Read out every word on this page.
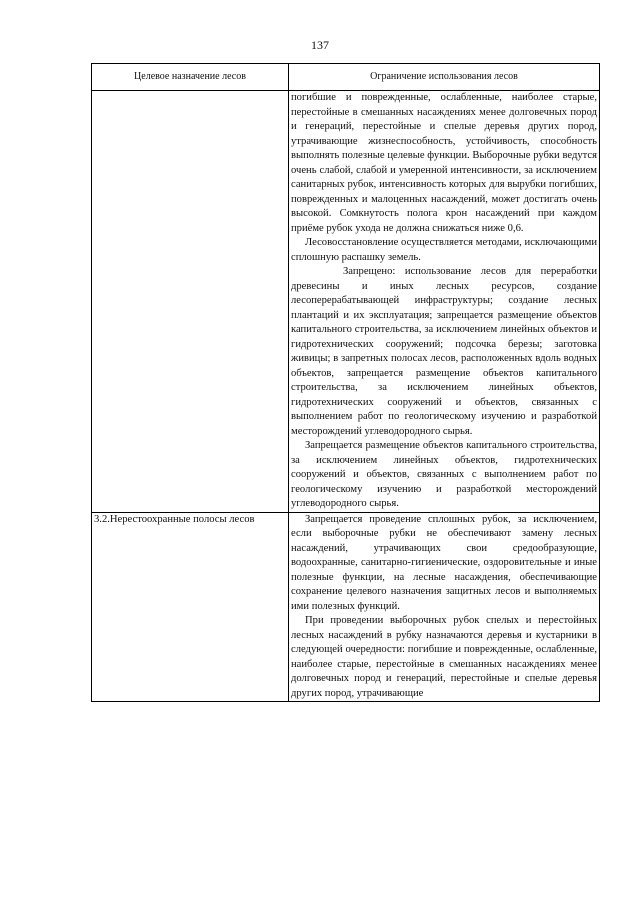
137
Целевое назначение лесов	Ограничение использования лесов

	погибшие и поврежденные, ослабленные, наиболее старые, перестойные в смешанных насаждениях менее долговечных пород и генераций, перестойные и спелые деревья других пород, утрачивающие жизнеспособность, устойчивость, способность выполнять полезные целевые функции. Выборочные рубки ведутся очень слабой, слабой и умеренной интенсивности, за исключением санитарных рубок, интенсивность которых для вырубки погибших, поврежденных и малоценных насаждений, может достигать очень высокой. Сомкнутость полога крон насаждений при каждом приёме рубок ухода не должна снижаться ниже 0,6.

Лесовосстановление осуществляется методами, исключающими сплошную распашку земель.

Запрещено: использование лесов для переработки древесины и иных лесных ресурсов, создание лесоперерабатывающей инфраструктуры; создание лесных плантаций и их эксплуатация; запрещается размещение объектов капитального строительства, за исключением линейных объектов и гидротехнических сооружений; подсочка березы; заготовка живицы; в запретных полосах лесов, расположенных вдоль водных объектов, запрещается размещение объектов капитального строительства, за исключением линейных объектов, гидротехнических сооружений и объектов, связанных с выполнением работ по геологическому изучению и разработкой месторождений углеводородного сырья.

Запрещается размещение объектов капитального строительства, за исключением линейных объектов, гидротехнических сооружений и объектов, связанных с выполнением работ по геологическому изучению и разработкой месторождений углеводородного сырья.

3.2.Нерестоохранные полосы лесов	Запрещается проведение сплошных рубок, за исключением, если выборочные рубки не обеспечивают замену лесных насаждений, утрачивающих свои средообразующие, водоохранные, санитарно-гигиенические, оздоровительные и иные полезные функции, на лесные насаждения, обеспечивающие сохранение целевого назначения защитных лесов и выполняемых ими полезных функций.

При проведении выборочных рубок спелых и перестойных лесных насаждений в рубку назначаются деревья и кустарники в следующей очередности: погибшие и поврежденные, ослабленные, наиболее старые, перестойные в смешанных насаждениях менее долговечных пород и генераций, перестойные и спелые деревья других пород, утрачивающие
